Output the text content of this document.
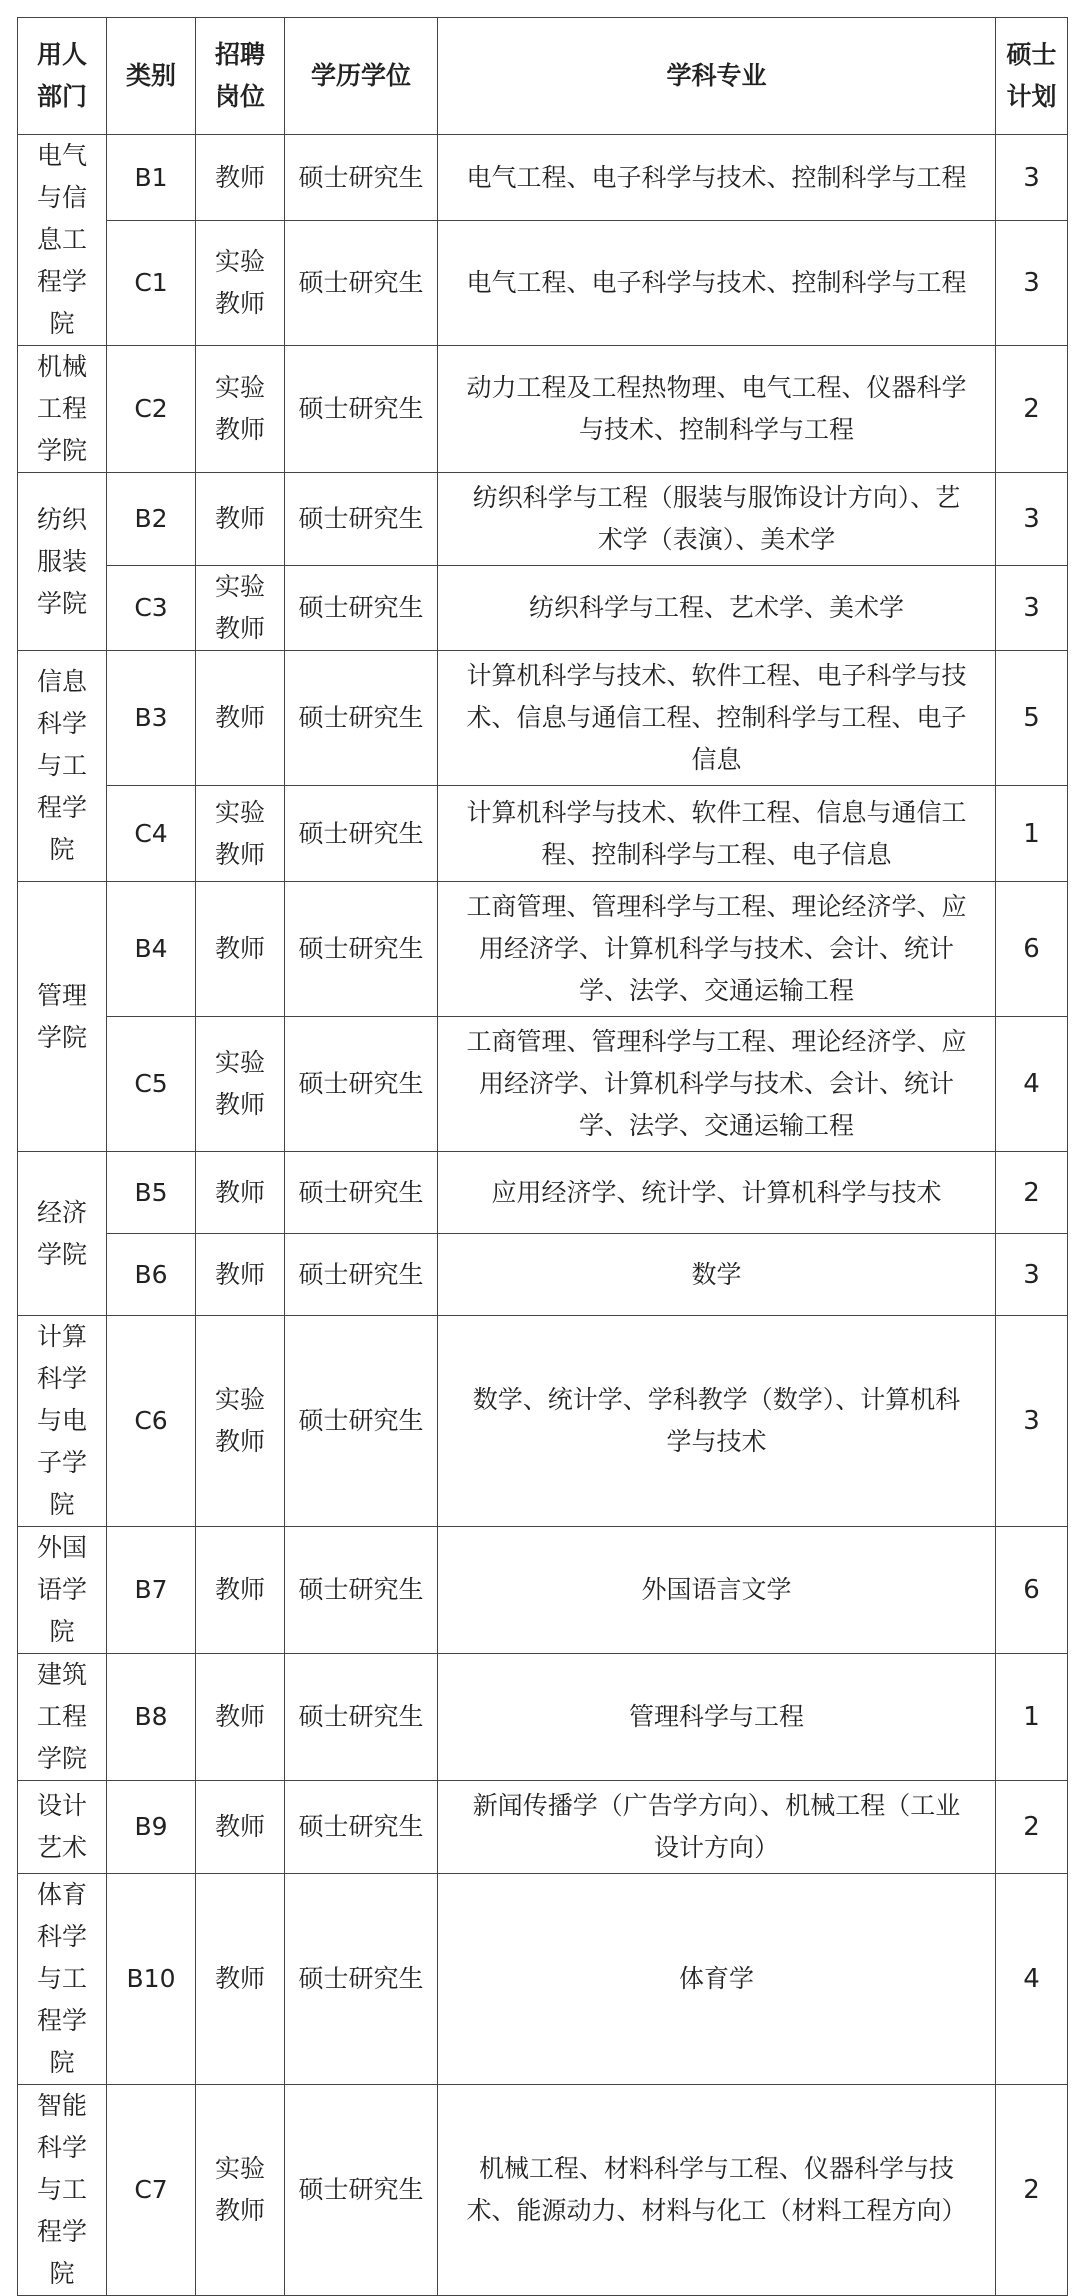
用人部门	类别	招聘岗位	学历学位	学科专业	硕士计划
电气与信息工程学院	B1	教师	硕士研究生	电气工程、电子科学与技术、控制科学与工程	3
	C1	实验教师	硕士研究生	电气工程、电子科学与技术、控制科学与工程	3
机械工程学院	C2	实验教师	硕士研究生	动力工程及工程热物理、电气工程、仪器科学与技术、控制科学与工程	2
纺织服装学院	B2	教师	硕士研究生	纺织科学与工程（服装与服饰设计方向）、艺术学（表演）、美术学	3
	C3	实验教师	硕士研究生	纺织科学与工程、艺术学、美术学	3
信息科学与工程学院	B3	教师	硕士研究生	计算机科学与技术、软件工程、电子科学与技术、信息与通信工程、控制科学与工程、电子信息	5
	C4	实验教师	硕士研究生	计算机科学与技术、软件工程、信息与通信工程、控制科学与工程、电子信息	1
管理学院	B4	教师	硕士研究生	工商管理、管理科学与工程、理论经济学、应用经济学、计算机科学与技术、会计、统计学、法学、交通运输工程	6
	C5	实验教师	硕士研究生	工商管理、管理科学与工程、理论经济学、应用经济学、计算机科学与技术、会计、统计学、法学、交通运输工程	4
经济学院	B5	教师	硕士研究生	应用经济学、统计学、计算机科学与技术	2
	B6	教师	硕士研究生	数学	3
计算科学与电子学院	C6	实验教师	硕士研究生	数学、统计学、学科教学（数学）、计算机科学与技术	3
外国语学院	B7	教师	硕士研究生	外国语言文学	6
建筑工程学院	B8	教师	硕士研究生	管理科学与工程	1
设计艺术	B9	教师	硕士研究生	新闻传播学（广告学方向）、机械工程（工业设计方向）	2
体育科学与工程学院	B10	教师	硕士研究生	体育学	4
智能科学与工程学院	C7	实验教师	硕士研究生	机械工程、材料科学与工程、仪器科学与技术、能源动力、材料与化工（材料工程方向）	2
